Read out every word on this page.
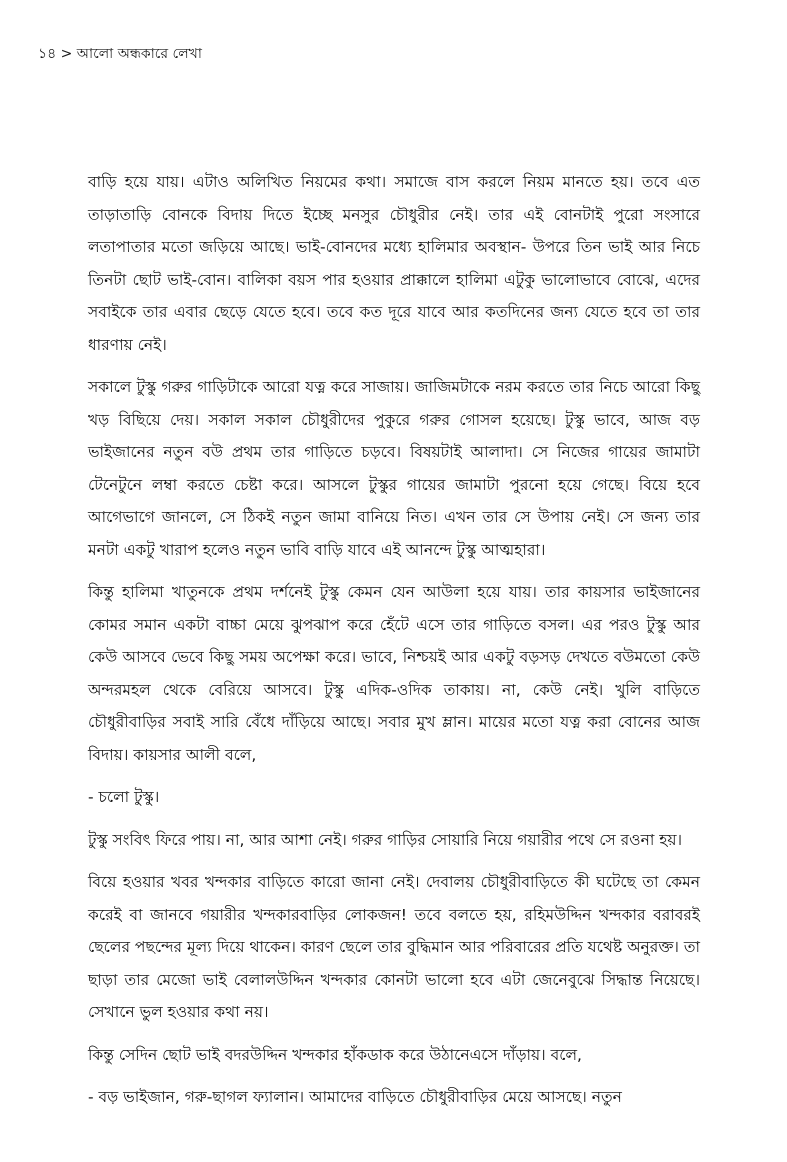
১৪ > আলো অন্ধকারে লেখা

বাড়ি হয়ে যায়। এটাও অলিখিত নিয়মের কথা। সমাজে বাস করলে নিয়ম মানতে হয়। তবে এত তাড়াতাড়ি বোনকে বিদায় দিতে ইচ্ছে মনসুর চৌধুরীর নেই। তার এই বোনটাই পুরো সংসারে লতাপাতার মতো জড়িয়ে আছে। ভাই-বোনদের মধ্যে হালিমার অবস্থান- উপরে তিন ভাই আর নিচে তিনটা ছোট ভাই-বোন। বালিকা বয়স পার হওয়ার প্রাক্কালে হালিমা এটুকু ভালোভাবে বোঝে, এদের সবাইকে তার এবার ছেড়ে যেতে হবে। তবে কত দূরে যাবে আর কতদিনের জন্য যেতে হবে তা তার ধারণায় নেই।

সকালে টুস্কু গরুর গাড়িটাকে আরো যত্ন করে সাজায়। জাজিমটাকে নরম করতে তার নিচে আরো কিছু খড় বিছিয়ে দেয়। সকাল সকাল চৌধুরীদের পুকুরে গরুর গোসল হয়েছে। টুস্কু ভাবে, আজ বড় ভাইজানের নতুন বউ প্রথম তার গাড়িতে চড়বে। বিষয়টাই আলাদা। সে নিজের গায়ের জামাটা টেনেটুনে লম্বা করতে চেষ্টা করে। আসলে টুস্কুর গায়ের জামাটা পুরনো হয়ে গেছে। বিয়ে হবে আগেভাগে জানলে, সে ঠিকই নতুন জামা বানিয়ে নিত। এখন তার সে উপায় নেই। সে জন্য তার মনটা একটু খারাপ হলেও নতুন ভাবি বাড়ি যাবে এই আনন্দে টুস্কু আত্মহারা।

কিন্তু হালিমা খাতুনকে প্রথম দর্শনেই টুস্কু কেমন যেন আউলা হয়ে যায়। তার কায়সার ভাইজানের কোমর সমান একটা বাচ্চা মেয়ে ঝুপঝাপ করে হেঁটে এসে তার গাড়িতে বসল। এর পরও টুস্কু আর কেউ আসবে ভেবে কিছু সময় অপেক্ষা করে। ভাবে, নিশ্চয়ই আর একটু বড়সড় দেখতে বউমতো কেউ অন্দরমহল থেকে বেরিয়ে আসবে। টুস্কু এদিক-ওদিক তাকায়। না, কেউ নেই। খুলি বাড়িতে চৌধুরীবাড়ির সবাই সারি বেঁধে দাঁড়িয়ে আছে। সবার মুখ ম্লান। মায়ের মতো যত্ন করা বোনের আজ বিদায়। কায়সার আলী বলে,

- চলো টুস্কু।

টুস্কু সংবিৎ ফিরে পায়। না, আর আশা নেই। গরুর গাড়ির সোয়ারি নিয়ে গয়ারীর পথে সে রওনা হয়।

বিয়ে হওয়ার খবর খন্দকার বাড়িতে কারো জানা নেই। দেবালয় চৌধুরীবাড়িতে কী ঘটেছে তা কেমন করেই বা জানবে গয়ারীর খন্দকারবাড়ির লোকজন! তবে বলতে হয়, রহিমউদ্দিন খন্দকার বরাবরই ছেলের পছন্দের মূল্য দিয়ে থাকেন। কারণ ছেলে তার বুদ্ধিমান আর পরিবারের প্রতি যথেষ্ট অনুরক্ত। তা ছাড়া তার মেজো ভাই বেলালউদ্দিন খন্দকার কোনটা ভালো হবে এটা জেনেবুঝে সিদ্ধান্ত নিয়েছে। সেখানে ভুল হওয়ার কথা নয়।

কিন্তু সেদিন ছোট ভাই বদরউদ্দিন খন্দকার হাঁকডাক করে উঠানেএসে দাঁড়ায়। বলে,

- বড় ভাইজান, গরু-ছাগল ফ্যালান। আমাদের বাড়িতে চৌধুরীবাড়ির মেয়ে আসছে। নতুন
